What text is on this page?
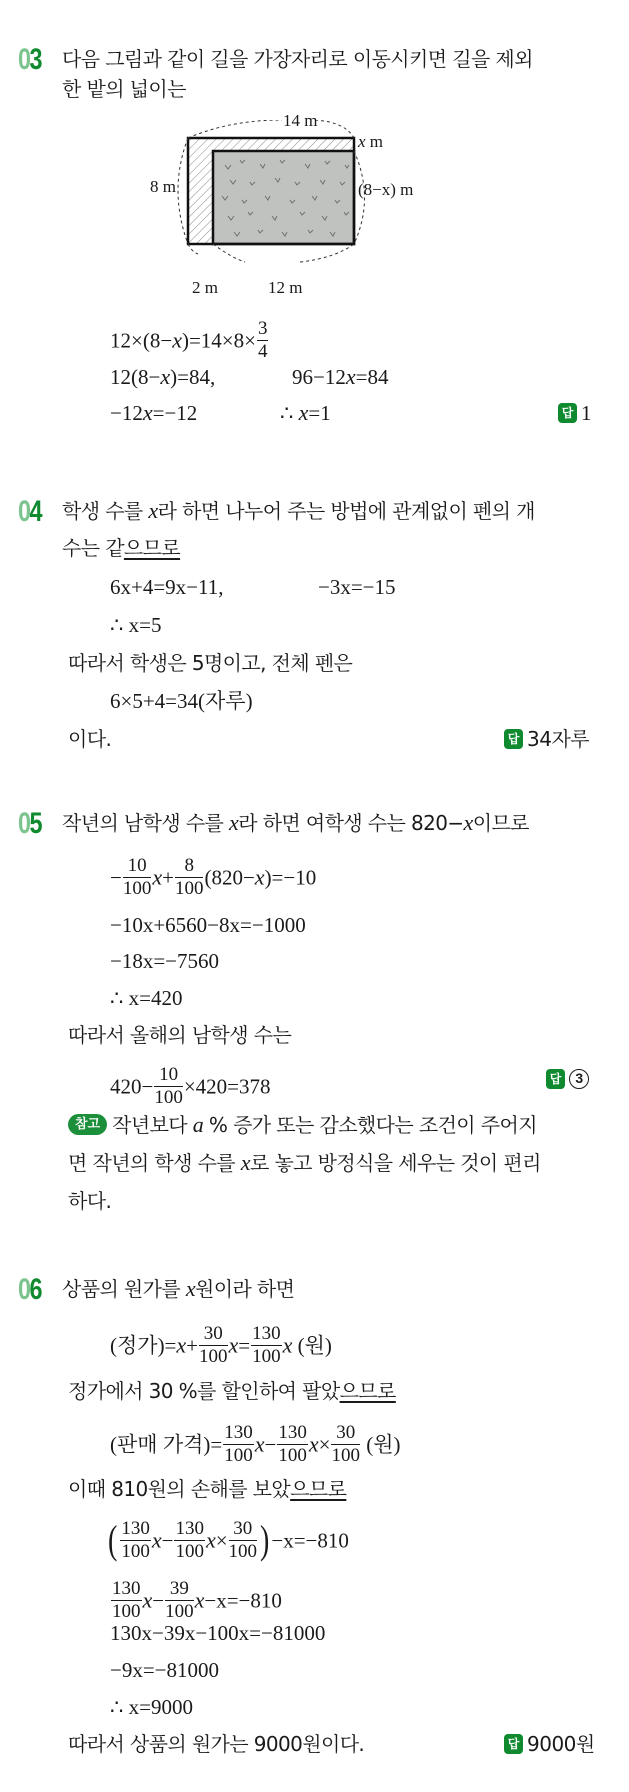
03	다음 그림과 같이 길을 가장자리로 이동시키면 길을 제외
한 밭의 넓이는
14 m
8 m
x m
(8−x) m
2 m	12 m
$12\times(8-x)=14\times 8\times \frac{3}{4}$
12(8−x)=84,	96−12x=84
−12x=−12	∴ x=1	답 1
04	학생 수를 x라 하면 나누어 주는 방법에 관계없이 펜의 개
수는 같으므로
6x+4=9x−11,	−3x=−15
∴ x=5
따라서 학생은 5명이고, 전체 펜은
6×5+4=34(자루)
이다.	답 34자루
05	작년의 남학생 수를 x라 하면 여학생 수는 820−x이므로
− $\frac{10}{100} x+ \frac{8}{100} (820-x)=-10$
−10x+6560−8x=−1000
−18x=−7560
∴ x=420
따라서 올해의 남학생 수는
$420- \frac{10}{100} \times 420=378$	답 3
참고 작년보다 a % 증가 또는 감소했다는 조건이 주어지
면 작년의 학생 수를 x로 놓고 방정식을 세우는 것이 편리
하다.
06	상품의 원가를 x원이라 하면
(정가)$=x+ \frac{30}{100} x= \frac{130}{100}$ x (원)
정가에서 30 %를 할인하여 팔았으므로
(판매 가격)= $\frac{130}{100} x- \frac{130}{100} x\times \frac{30}{100}$ (원)
이때 810원의 손해를 보았으므로
( $\frac{130}{100} x- \frac{130}{100} x\times \frac{30}{100} )-x=-810$
$\frac{130}{100} x- \frac{39}{100} x-x=-810$
130x−39x−100x=−81000
−9x=−81000
∴ x=9000
따라서 상품의 원가는 9000원이다.	답 9000원
